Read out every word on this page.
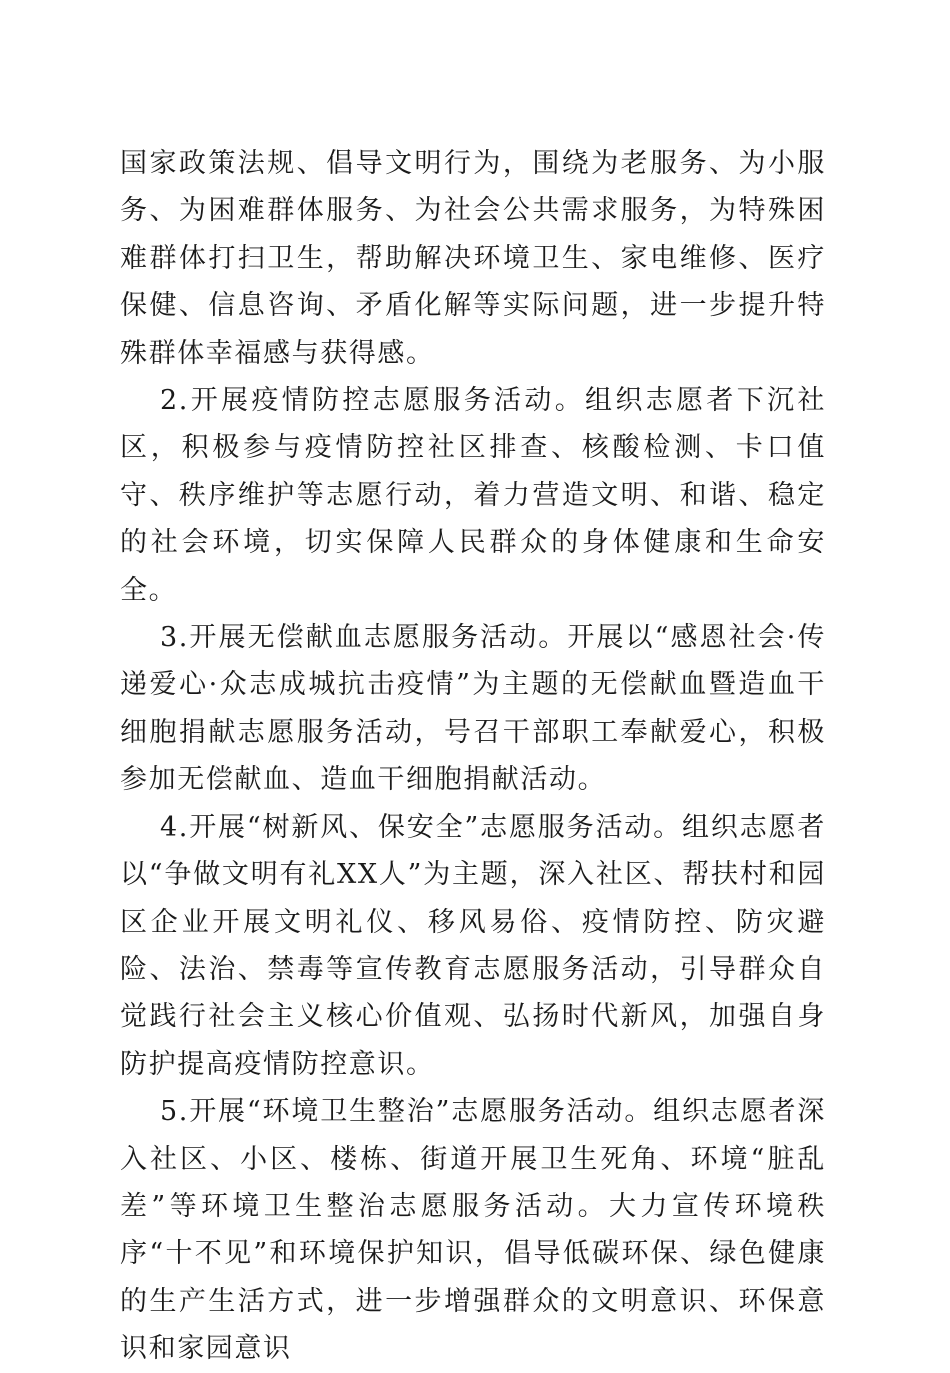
国家政策法规、倡导文明行为，围绕为老服务、为小服务、为困难群体服务、为社会公共需求服务，为特殊困难群体打扫卫生，帮助解决环境卫生、家电维修、医疗保健、信息咨询、矛盾化解等实际问题，进一步提升特殊群体幸福感与获得感。

2.开展疫情防控志愿服务活动。组织志愿者下沉社区，积极参与疫情防控社区排查、核酸检测、卡口值守、秩序维护等志愿行动，着力营造文明、和谐、稳定的社会环境，切实保障人民群众的身体健康和生命安全。

3.开展无偿献血志愿服务活动。开展以“感恩社会·传递爱心·众志成城抗击疫情”为主题的无偿献血暨造血干细胞捐献志愿服务活动，号召干部职工奉献爱心，积极参加无偿献血、造血干细胞捐献活动。

4.开展“树新风、保安全”志愿服务活动。组织志愿者以“争做文明有礼XX人”为主题，深入社区、帮扶村和园区企业开展文明礼仪、移风易俗、疫情防控、防灾避险、法治、禁毒等宣传教育志愿服务活动，引导群众自觉践行社会主义核心价值观、弘扬时代新风，加强自身防护提高疫情防控意识。

5.开展“环境卫生整治”志愿服务活动。组织志愿者深入社区、小区、楼栋、街道开展卫生死角、环境“脏乱差”等环境卫生整治志愿服务活动。大力宣传环境秩序“十不见”和环境保护知识，倡导低碳环保、绿色健康的生产生活方式，进一步增强群众的文明意识、环保意识和家园意识
